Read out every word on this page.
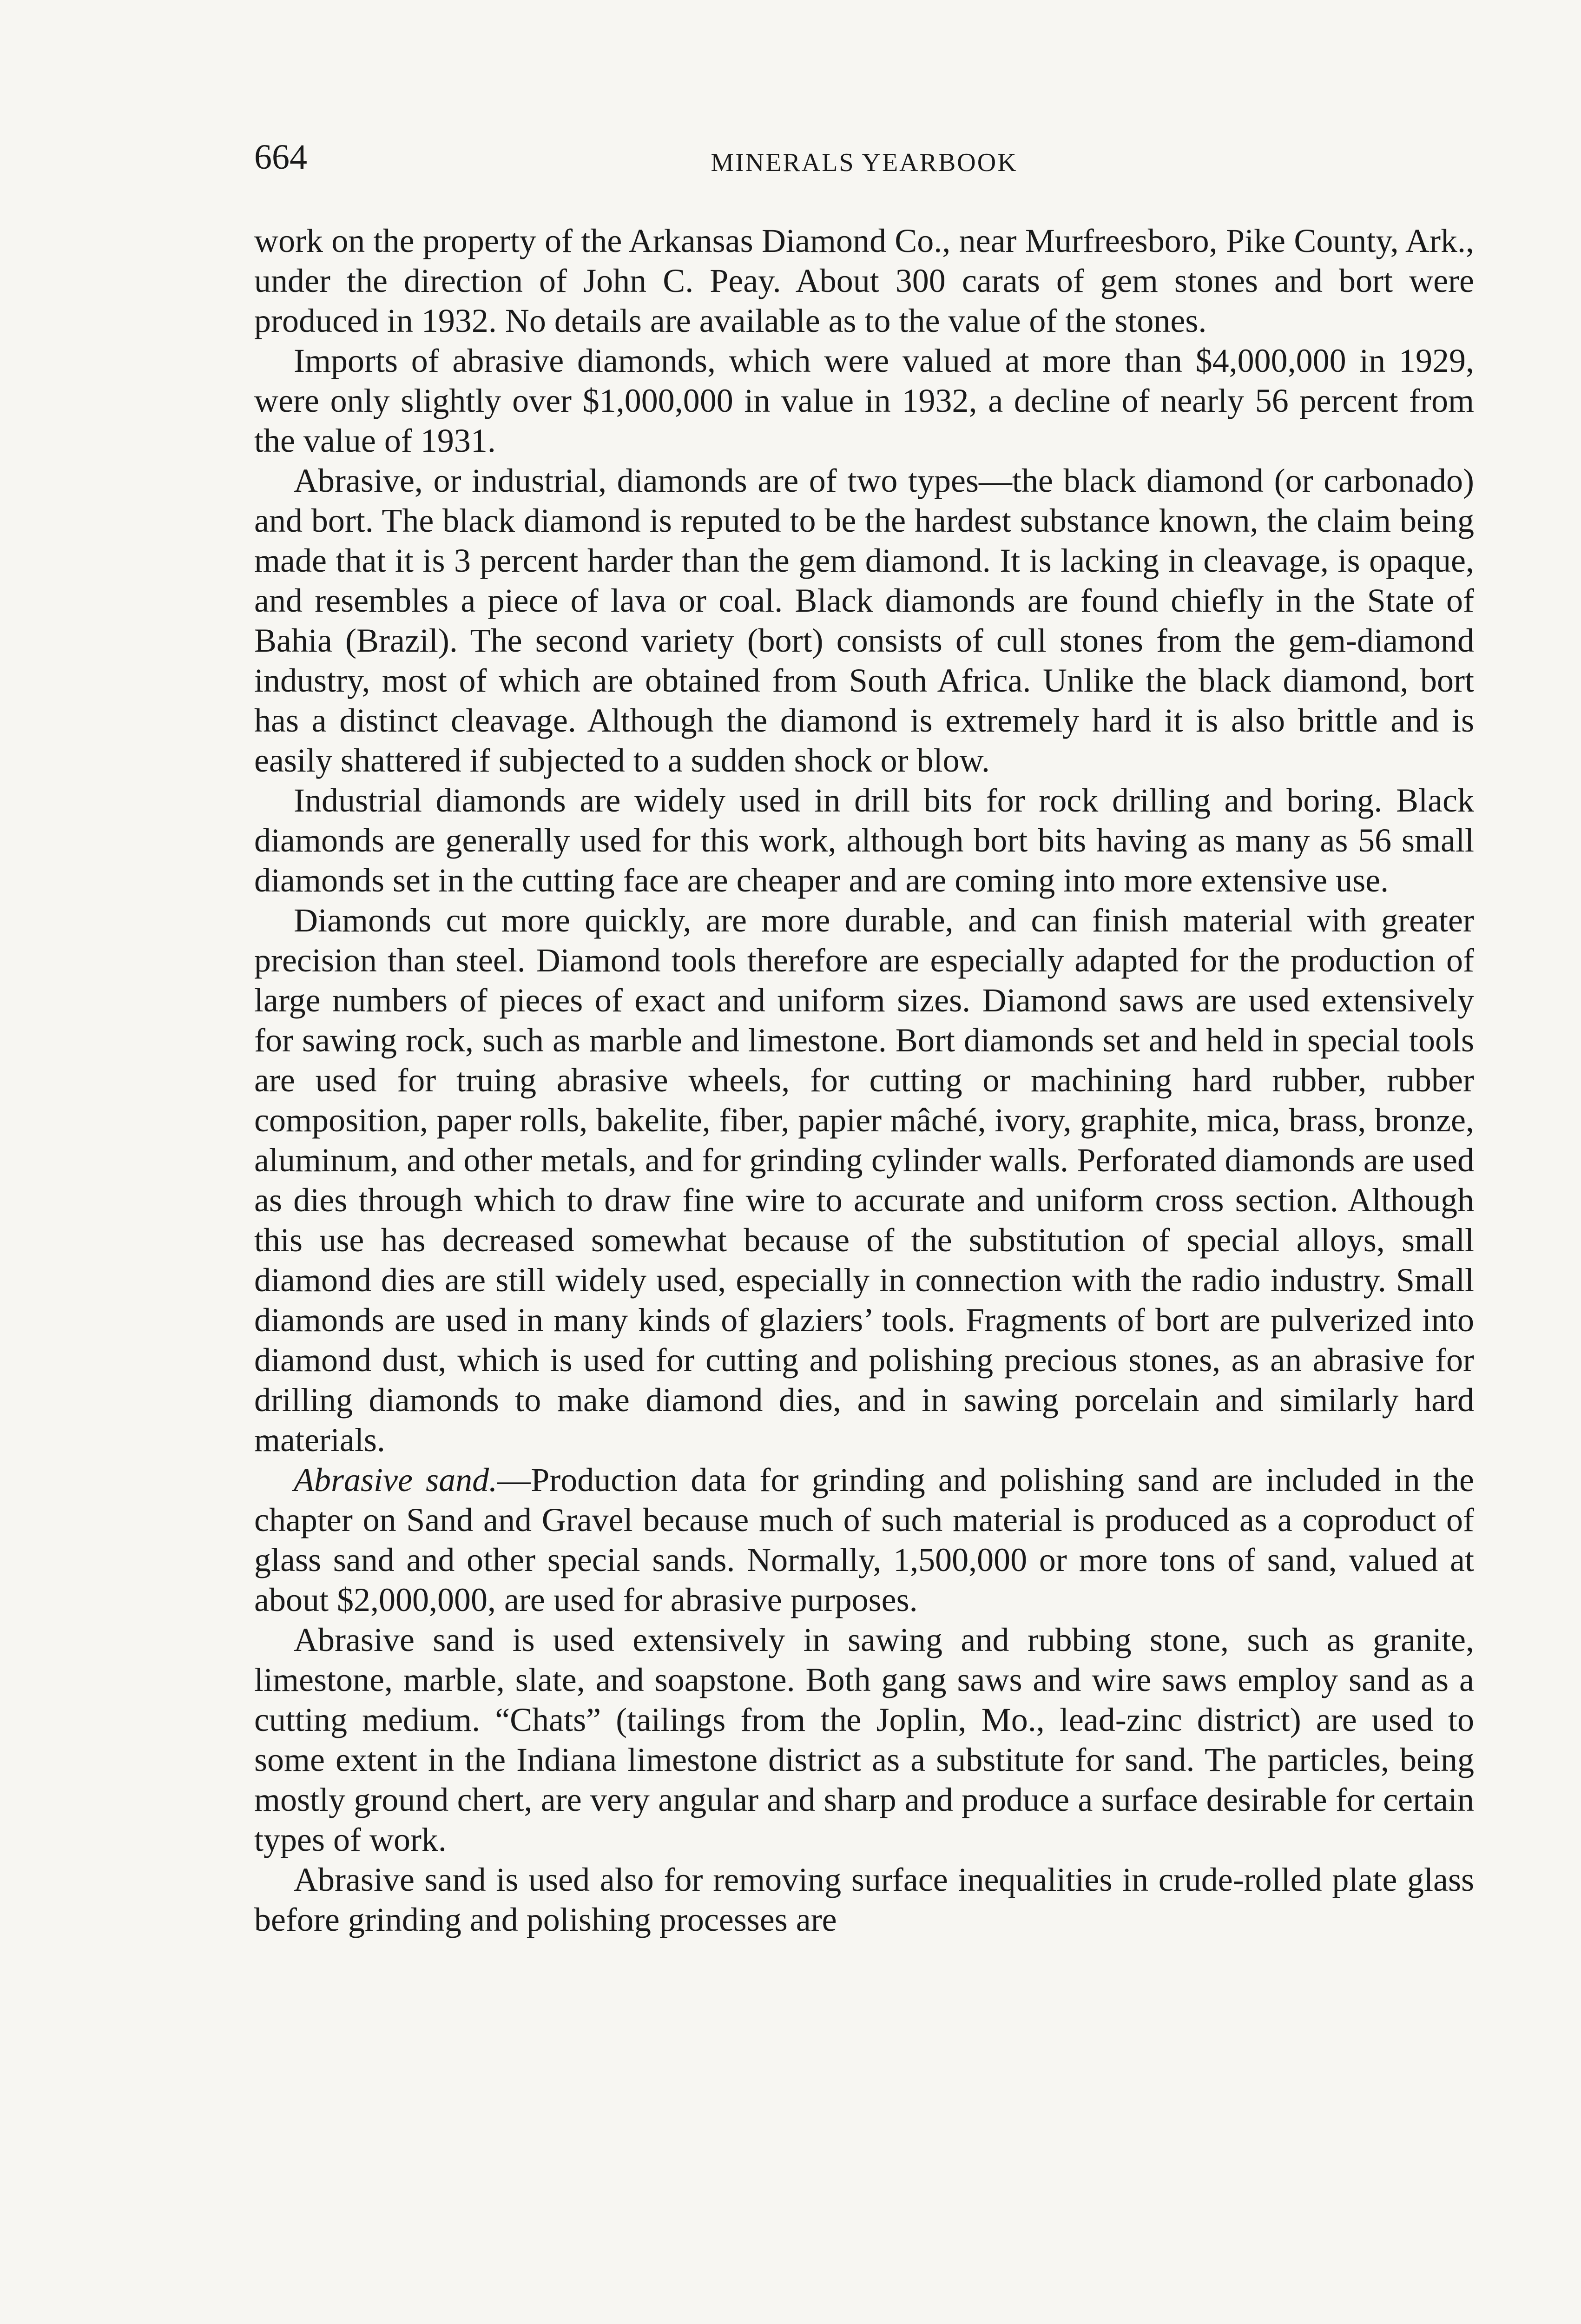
664	MINERALS YEARBOOK

work on the property of the Arkansas Diamond Co., near Murfreesboro, Pike County, Ark., under the direction of John C. Peay. About 300 carats of gem stones and bort were produced in 1932. No details are available as to the value of the stones.

Imports of abrasive diamonds, which were valued at more than $4,000,000 in 1929, were only slightly over $1,000,000 in value in 1932, a decline of nearly 56 percent from the value of 1931.

Abrasive, or industrial, diamonds are of two types—the black diamond (or carbonado) and bort. The black diamond is reputed to be the hardest substance known, the claim being made that it is 3 percent harder than the gem diamond. It is lacking in cleavage, is opaque, and resembles a piece of lava or coal. Black diamonds are found chiefly in the State of Bahia (Brazil). The second variety (bort) consists of cull stones from the gem-diamond industry, most of which are obtained from South Africa. Unlike the black diamond, bort has a distinct cleavage. Although the diamond is extremely hard it is also brittle and is easily shattered if subjected to a sudden shock or blow.

Industrial diamonds are widely used in drill bits for rock drilling and boring. Black diamonds are generally used for this work, although bort bits having as many as 56 small diamonds set in the cutting face are cheaper and are coming into more extensive use.

Diamonds cut more quickly, are more durable, and can finish material with greater precision than steel. Diamond tools therefore are especially adapted for the production of large numbers of pieces of exact and uniform sizes. Diamond saws are used extensively for sawing rock, such as marble and limestone. Bort diamonds set and held in special tools are used for truing abrasive wheels, for cutting or machining hard rubber, rubber composition, paper rolls, bakelite, fiber, papier mâché, ivory, graphite, mica, brass, bronze, aluminum, and other metals, and for grinding cylinder walls. Perforated diamonds are used as dies through which to draw fine wire to accurate and uniform cross section. Although this use has decreased somewhat because of the substitution of special alloys, small diamond dies are still widely used, especially in connection with the radio industry. Small diamonds are used in many kinds of glaziers’ tools. Fragments of bort are pulverized into diamond dust, which is used for cutting and polishing precious stones, as an abrasive for drilling diamonds to make diamond dies, and in sawing porcelain and similarly hard materials.

Abrasive sand.—Production data for grinding and polishing sand are included in the chapter on Sand and Gravel because much of such material is produced as a coproduct of glass sand and other special sands. Normally, 1,500,000 or more tons of sand, valued at about $2,000,000, are used for abrasive purposes.

Abrasive sand is used extensively in sawing and rubbing stone, such as granite, limestone, marble, slate, and soapstone. Both gang saws and wire saws employ sand as a cutting medium. “Chats” (tailings from the Joplin, Mo., lead-zinc district) are used to some extent in the Indiana limestone district as a substitute for sand. The particles, being mostly ground chert, are very angular and sharp and produce a surface desirable for certain types of work.

Abrasive sand is used also for removing surface inequalities in crude-rolled plate glass before grinding and polishing processes are
